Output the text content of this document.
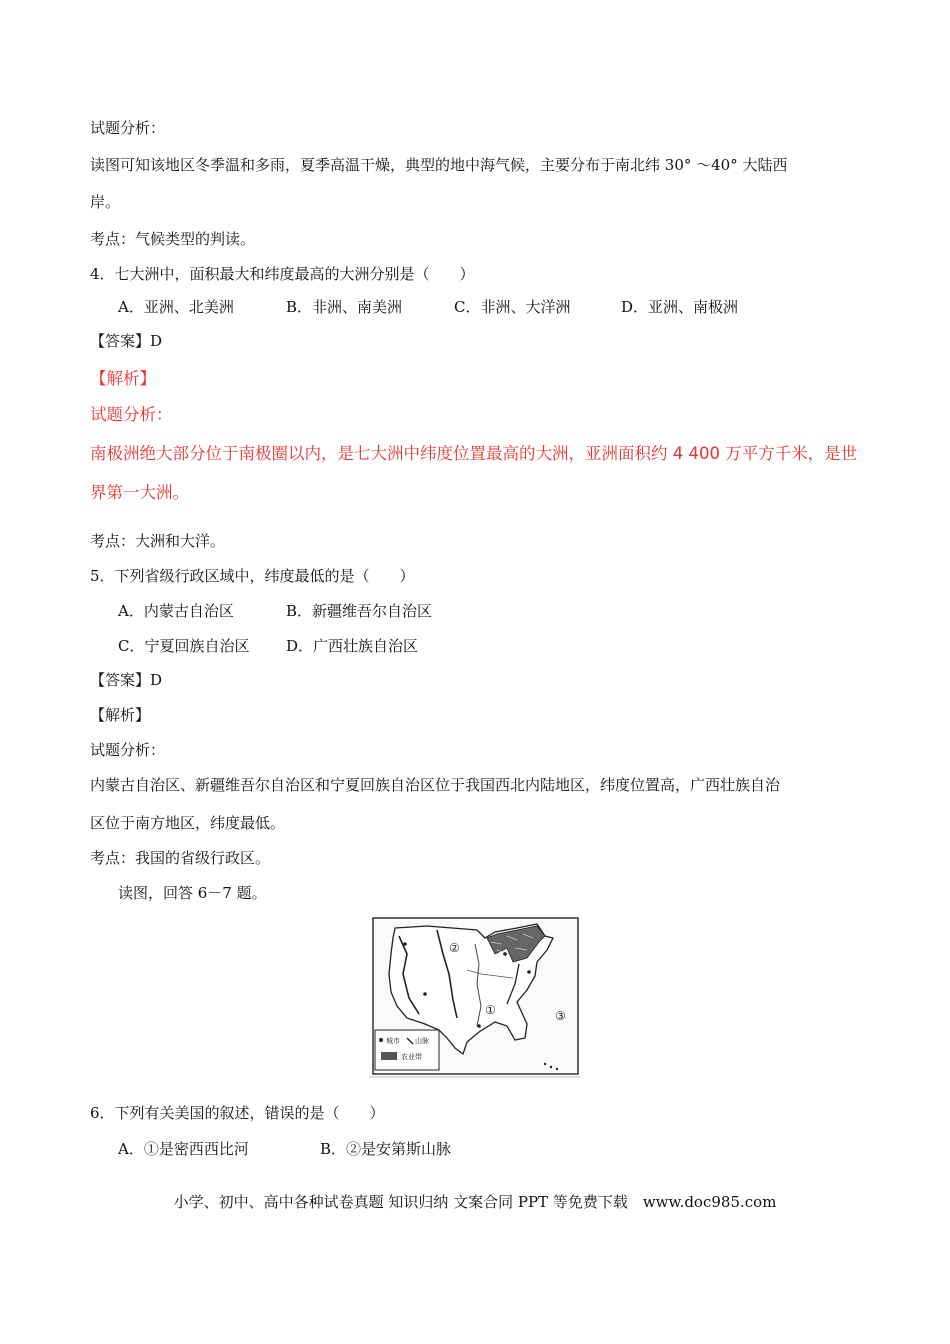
试题分析：
读图可知该地区冬季温和多雨，夏季高温干燥，典型的地中海气候，主要分布于南北纬 30° ～40° 大陆西
岸。
考点：气候类型的判读。
4．七大洲中，面积最大和纬度最高的大洲分别是（　　）
A．亚洲、北美洲	B．非洲、南美洲	C．非洲、大洋洲	D．亚洲、南极洲
【答案】D
【解析】
试题分析：
南极洲绝大部分位于南极圈以内，是七大洲中纬度位置最高的大洲，亚洲面积约 4 400 万平方千米，是世
界第一大洲。
考点：大洲和大洋。
5．下列省级行政区域中，纬度最低的是（　　）
A．内蒙古自治区	B．新疆维吾尔自治区
C．宁夏回族自治区 D．广西壮族自治区
【答案】D
【解析】
试题分析：
内蒙古自治区、新疆维吾尔自治区和宁夏回族自治区位于我国西北内陆地区，纬度位置高，广西壮族自治
区位于南方地区，纬度最低。
考点：我国的省级行政区。
读图，回答 6－7 题。
②
①	③
城市 山脉
农业带
6．下列有关美国的叙述，错误的是（　　）
A．①是密西西比河	B．②是安第斯山脉
小学、初中、高中各种试卷真题 知识归纳 文案合同 PPT 等免费下载　www.doc985.com
